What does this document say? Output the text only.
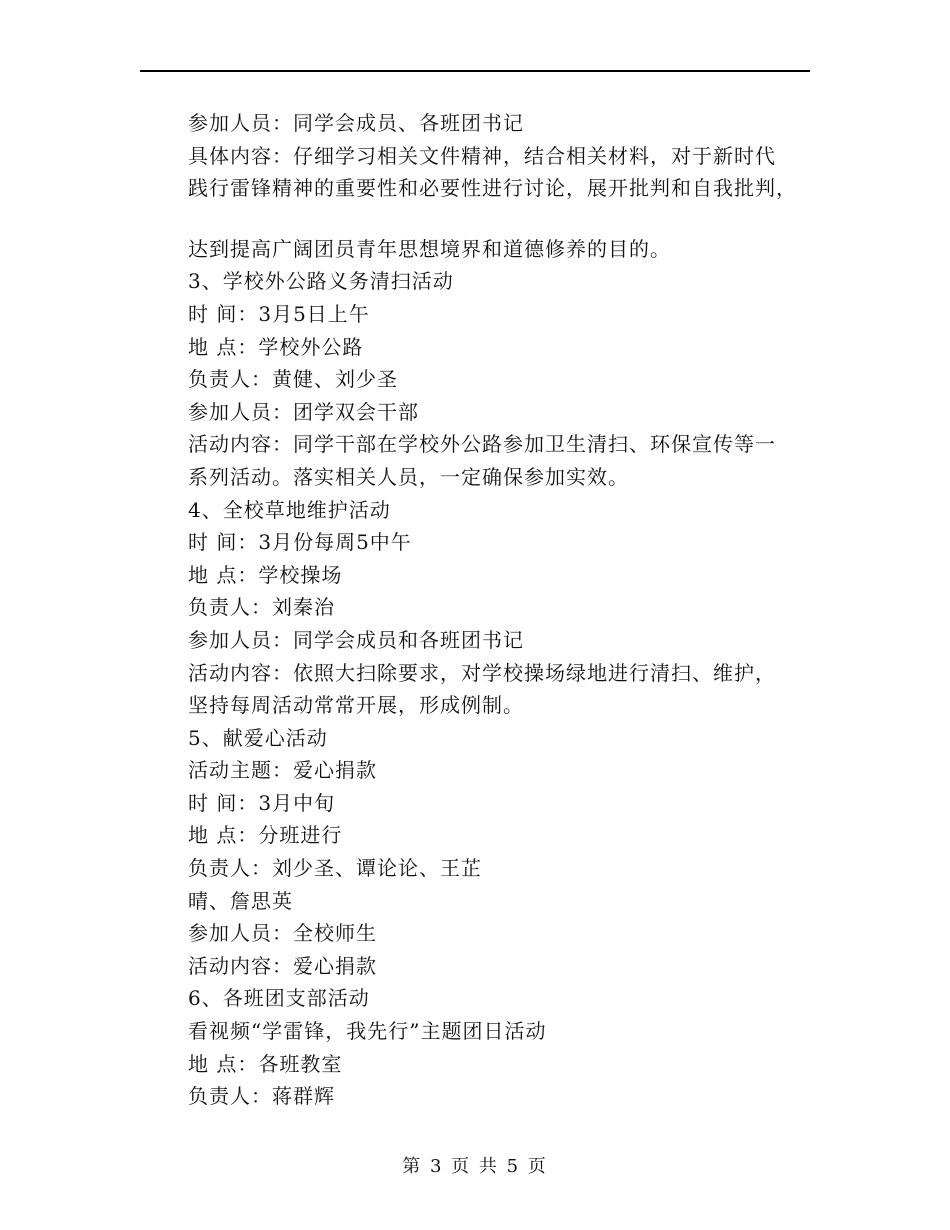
参加人员：同学会成员、各班团书记
具体内容：仔细学习相关文件精神，结合相关材料，对于新时代
践行雷锋精神的重要性和必要性进行讨论，展开批判和自我批判，
达到提高广阔团员青年思想境界和道德修养的目的。
3、学校外公路义务清扫活动
时 间：3月5日上午
地 点：学校外公路
负责人：黄健、刘少圣
参加人员：团学双会干部
活动内容：同学干部在学校外公路参加卫生清扫、环保宣传等一
系列活动。落实相关人员，一定确保参加实效。
4、全校草地维护活动
时 间：3月份每周5中午
地 点：学校操场
负责人：刘秦治
参加人员：同学会成员和各班团书记
活动内容：依照大扫除要求，对学校操场绿地进行清扫、维护，
坚持每周活动常常开展，形成例制。
5、献爱心活动
活动主题：爱心捐款
时 间：3月中旬
地 点：分班进行
负责人：刘少圣、谭论论、王芷
晴、詹思英
参加人员：全校师生
活动内容：爱心捐款
6、各班团支部活动
看视频“学雷锋，我先行”主题团日活动
地 点：各班教室
负责人：蒋群辉
第 3 页 共 5 页
